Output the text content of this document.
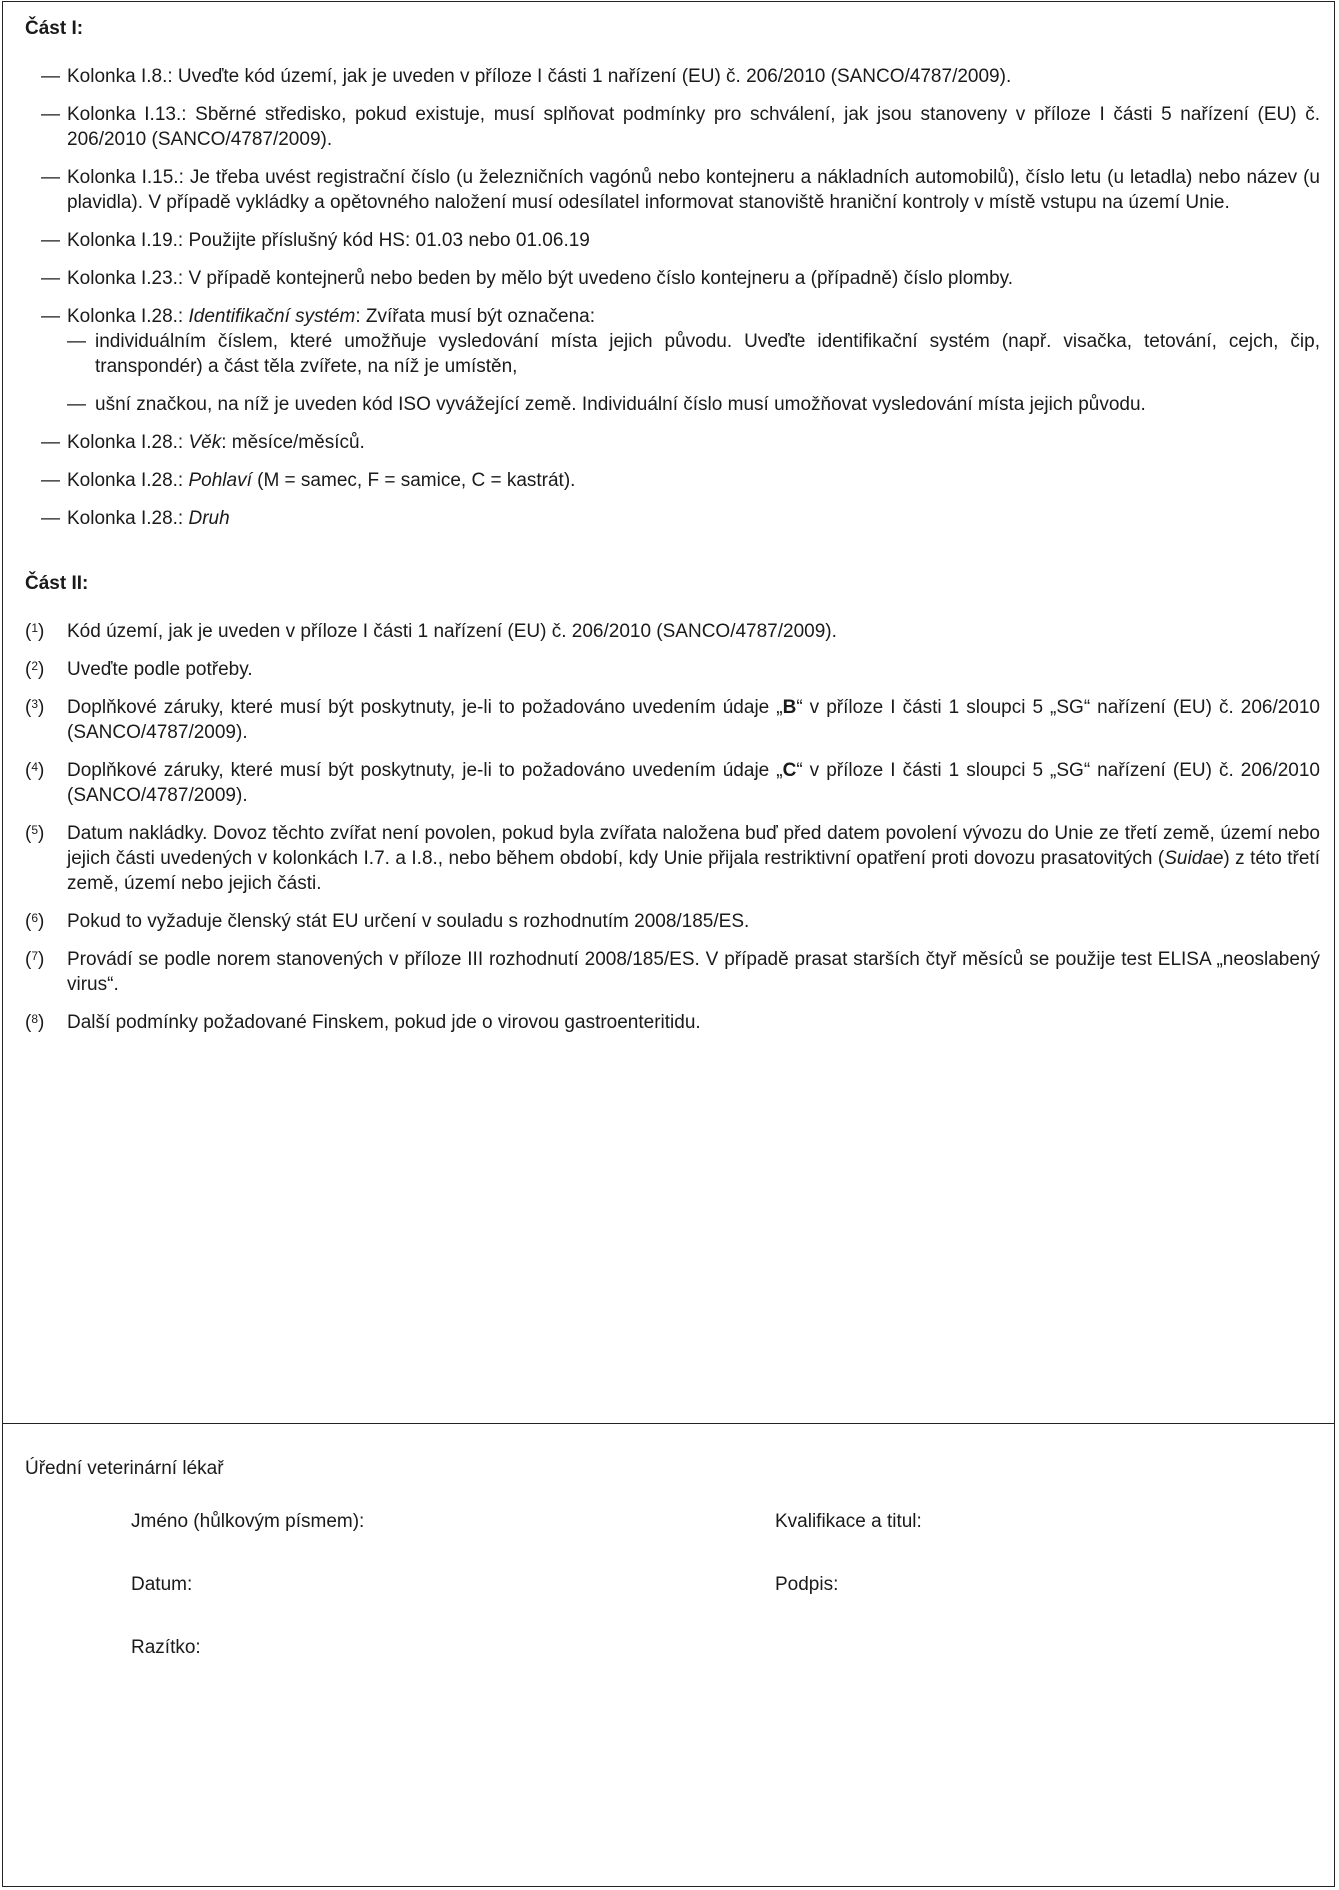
Část I:
— Kolonka I.8.: Uveďte kód území, jak je uveden v příloze I části 1 nařízení (EU) č. 206/2010 (SANCO/4787/2009).
— Kolonka I.13.: Sběrné středisko, pokud existuje, musí splňovat podmínky pro schválení, jak jsou stanoveny v příloze I části 5 nařízení (EU) č. 206/2010 (SANCO/4787/2009).
— Kolonka I.15.: Je třeba uvést registrační číslo (u železničních vagónů nebo kontejneru a nákladních automobilů), číslo letu (u letadla) nebo název (u plavidla). V případě vykládky a opětovného naložení musí odesílatel informovat stanoviště hraniční kontroly v místě vstupu na území Unie.
— Kolonka I.19.: Použijte příslušný kód HS: 01.03 nebo 01.06.19
— Kolonka I.23.: V případě kontejnerů nebo beden by mělo být uvedeno číslo kontejneru a (případně) číslo plomby.
— Kolonka I.28.: Identifikační systém: Zvířata musí být označena:
— individuálním číslem, které umožňuje vysledování místa jejich původu. Uveďte identifikační systém (např. visačka, tetování, cejch, čip, transpondér) a část těla zvířete, na níž je umístěn,
— ušní značkou, na níž je uveden kód ISO vyvážející země. Individuální číslo musí umožňovat vysledování místa jejich původu.
— Kolonka I.28.: Věk: měsíce/měsíců.
— Kolonka I.28.: Pohlaví (M = samec, F = samice, C = kastrát).
— Kolonka I.28.: Druh
Část II:
($^1$) Kód území, jak je uveden v příloze I části 1 nařízení (EU) č. 206/2010 (SANCO/4787/2009).
($^2$) Uveďte podle potřeby.
($^3$) Doplňkové záruky, které musí být poskytnuty, je-li to požadováno uvedením údaje „B“ v příloze I části 1 sloupci 5 „SG“ nařízení (EU) č. 206/2010 (SANCO/4787/2009).
($^4$) Doplňkové záruky, které musí být poskytnuty, je-li to požadováno uvedením údaje „C“ v příloze I části 1 sloupci 5 „SG“ nařízení (EU) č. 206/2010 (SANCO/4787/2009).
($^5$) Datum nakládky. Dovoz těchto zvířat není povolen, pokud byla zvířata naložena buď před datem povolení vývozu do Unie ze třetí země, území nebo jejich části uvedených v kolonkách I.7. a I.8., nebo během období, kdy Unie přijala restriktivní opatření proti dovozu prasatovitých (Suidae) z této třetí země, území nebo jejich části.
($^6$) Pokud to vyžaduje členský stát EU určení v souladu s rozhodnutím 2008/185/ES.
($^7$) Provádí se podle norem stanovených v příloze III rozhodnutí 2008/185/ES. V případě prasat starších čtyř měsíců se použije test ELISA „neoslabený virus“.
($^8$) Další podmínky požadované Finskem, pokud jde o virovou gastroenteritidu.
Úřední veterinární lékař
Jméno (hůlkovým písmem):	Kvalifikace a titul:
Datum:	Podpis:
Razítko:
